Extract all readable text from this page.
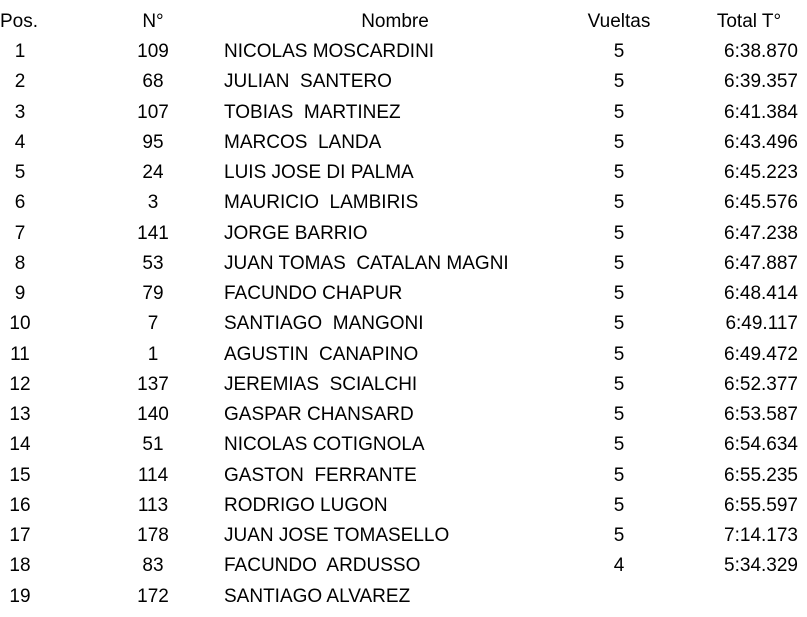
Pos.	N°	Nombre	Vueltas	Total T°
1	109	NICOLAS MOSCARDINI	5	6:38.870
2	68	JULIAN  SANTERO	5	6:39.357
3	107	TOBIAS  MARTINEZ	5	6:41.384
4	95	MARCOS  LANDA	5	6:43.496
5	24	LUIS JOSE DI PALMA	5	6:45.223
6	3	MAURICIO  LAMBIRIS	5	6:45.576
7	141	JORGE BARRIO	5	6:47.238
8	53	JUAN TOMAS  CATALAN MAGNI	5	6:47.887
9	79	FACUNDO CHAPUR	5	6:48.414
10	7	SANTIAGO  MANGONI	5	6:49.117
11	1	AGUSTIN  CANAPINO	5	6:49.472
12	137	JEREMIAS  SCIALCHI	5	6:52.377
13	140	GASPAR CHANSARD	5	6:53.587
14	51	NICOLAS COTIGNOLA	5	6:54.634
15	114	GASTON  FERRANTE	5	6:55.235
16	113	RODRIGO LUGON	5	6:55.597
17	178	JUAN JOSE TOMASELLO	5	7:14.173
18	83	FACUNDO  ARDUSSO	4	5:34.329
19	172	SANTIAGO ALVAREZ
